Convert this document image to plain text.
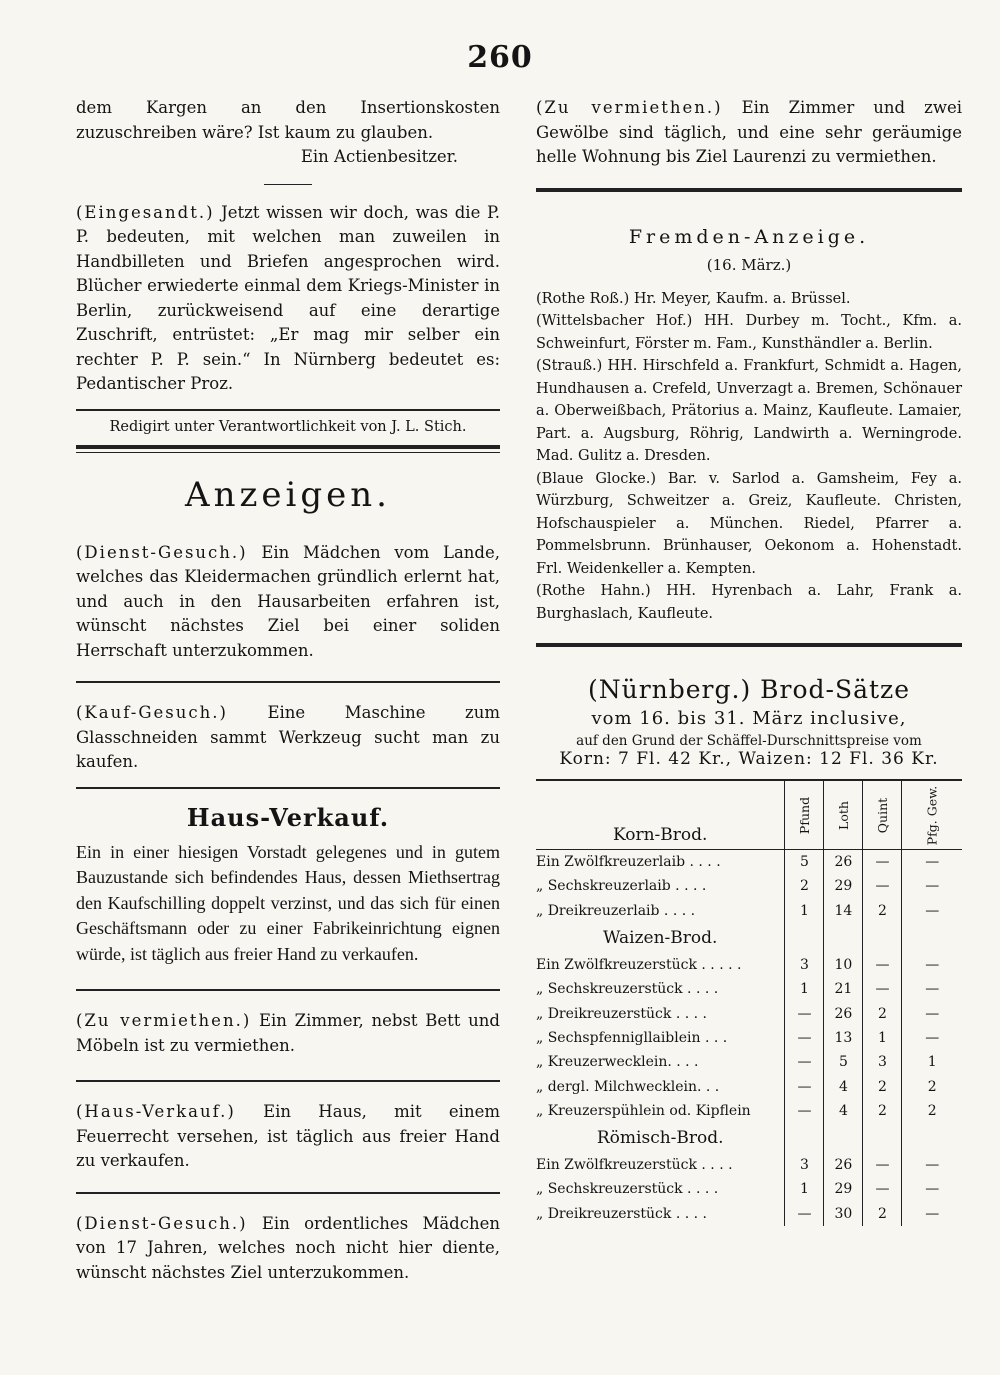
260

dem Kargen an den Insertionskosten zuzuschreiben wäre? Ist kaum zu glauben.

Ein Actienbesitzer.

(Eingesandt.) Jetzt wissen wir doch, was die P. P. bedeuten, mit welchen man zuweilen in Handbilleten und Briefen angesprochen wird. Blücher erwiederte einmal dem Kriegs-Minister in Berlin, zurückweisend auf eine derartige Zuschrift, entrüstet: „Er mag mir selber ein rechter P. P. sein.“ In Nürnberg bedeutet es: Pedantischer Proz.

Redigirt unter Verantwortlichkeit von J. L. Stich.

Anzeigen.

(Dienst-Gesuch.) Ein Mädchen vom Lande, welches das Kleidermachen gründlich erlernt hat, und auch in den Hausarbeiten erfahren ist, wünscht nächstes Ziel bei einer soliden Herrschaft unterzukommen.

(Kauf-Gesuch.) Eine Maschine zum Glasschneiden sammt Werkzeug sucht man zu kaufen.

Haus-Verkauf.

Ein in einer hiesigen Vorstadt gelegenes und in gutem Bauzustande sich befindendes Haus, dessen Miethsertrag den Kaufschilling doppelt verzinst, und das sich für einen Geschäftsmann oder zu einer Fabrikeinrichtung eignen würde, ist täglich aus freier Hand zu verkaufen.

(Zu vermiethen.) Ein Zimmer, nebst Bett und Möbeln ist zu vermiethen.

(Haus-Verkauf.) Ein Haus, mit einem Feuerrecht versehen, ist täglich aus freier Hand zu verkaufen.

(Dienst-Gesuch.) Ein ordentliches Mädchen von 17 Jahren, welches noch nicht hier diente, wünscht nächstes Ziel unterzukommen.

(Zu vermiethen.) Ein Zimmer und zwei Gewölbe sind täglich, und eine sehr geräumige helle Wohnung bis Ziel Laurenzi zu vermiethen.

Fremden-Anzeige.
(16. März.)

(Rothe Roß.) Hr. Meyer, Kaufm. a. Brüssel.

(Wittelsbacher Hof.) HH. Durbey m. Tocht., Kfm. a. Schweinfurt, Förster m. Fam., Kunsthändler a. Berlin.

(Strauß.) HH. Hirschfeld a. Frankfurt, Schmidt a. Hagen, Hundhausen a. Crefeld, Unverzagt a. Bremen, Schönauer a. Oberweißbach, Prätorius a. Mainz, Kaufleute. Lamaier, Part. a. Augsburg, Röhrig, Landwirth a. Werningrode. Mad. Gulitz a. Dresden.

(Blaue Glocke.) Bar. v. Sarlod a. Gamsheim, Fey a. Würzburg, Schweitzer a. Greiz, Kaufleute. Christen, Hofschauspieler a. München. Riedel, Pfarrer a. Pommelsbrunn. Brünhauser, Oekonom a. Hohenstadt. Frl. Weidenkeller a. Kempten.

(Rothe Hahn.) HH. Hyrenbach a. Lahr, Frank a. Burghaslach, Kaufleute.

(Nürnberg.) Brod-Sätze
vom 16. bis 31. März inclusive,
auf den Grund der Schäffel-Durschnittspreise vom
Korn: 7 Fl. 42 Kr., Waizen: 12 Fl. 36 Kr.
Korn-Brod.	Pfund	Loth	Quint	Pfg. Gew.
Ein Zwölfkreuzerlaib . . . .	5	26	—	—
„ Sechskreuzerlaib . . . .	2	29	—	—
„ Dreikreuzerlaib . . . .	1	14	2	—
Waizen-Brod.				
Ein Zwölfkreuzerstück . . . . .	3	10	—	—
„ Sechskreuzerstück . . . .	1	21	—	—
„ Dreikreuzerstück . . . .	—	26	2	—
„ Sechspfennigllaiblein . . .	—	13	1	—
„ Kreuzerwecklein. . . .	—	5	3	1
„ dergl. Milchwecklein. . .	—	4	2	2
„ Kreuzerspühlein od. Kipflein	—	4	2	2
Römisch-Brod.				
Ein Zwölfkreuzerstück . . . .	3	26	—	—
„ Sechskreuzerstück . . . .	1	29	—	—
„ Dreikreuzerstück . . . .	—	30	2	—
